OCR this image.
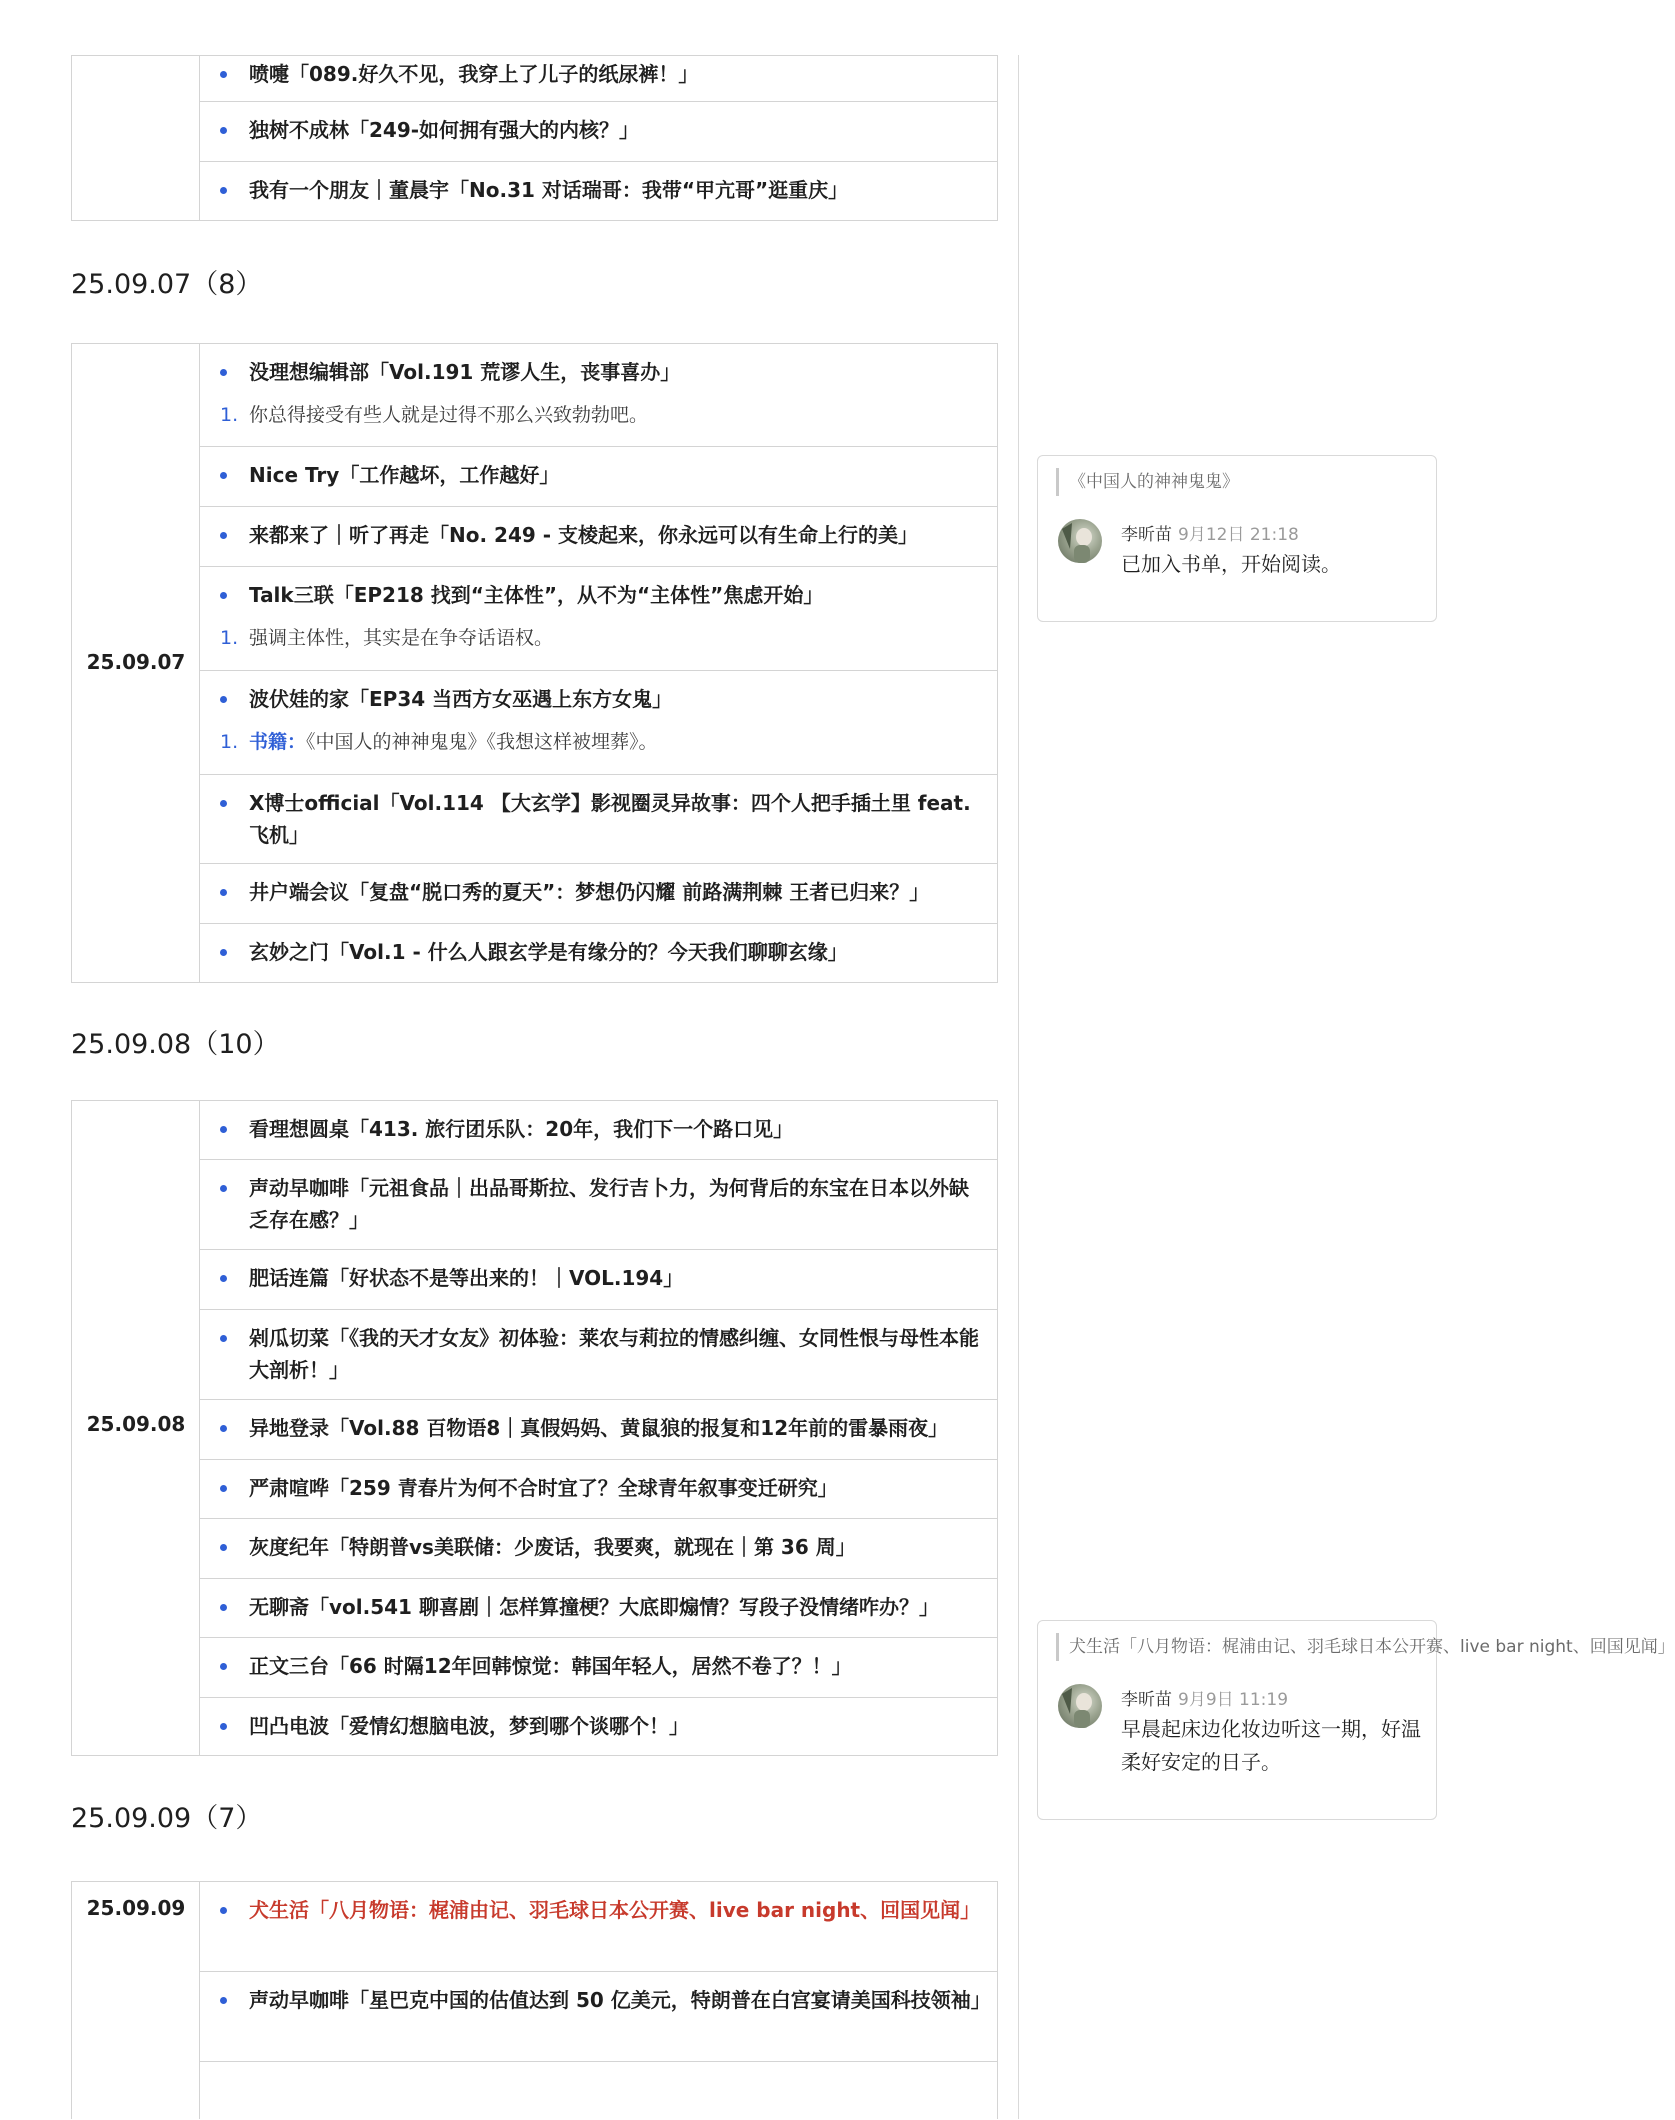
喷嚏「089.好久不见，我穿上了儿子的纸尿裤！」
独树不成林「249-如何拥有强大的内核？」
我有一个朋友｜董晨宇「No.31 对话瑞哥：我带“甲亢哥”逛重庆」
25.09.07（8）
25.09.07
没理想编辑部「Vol.191 荒谬人生，丧事喜办」
1. 你总得接受有些人就是过得不那么兴致勃勃吧。
Nice Try「工作越坏，工作越好」
来都来了｜听了再走「No. 249 - 支棱起来，你永远可以有生命上行的美」
Talk三联「EP218 找到“主体性”，从不为“主体性”焦虑开始」
1. 强调主体性，其实是在争夺话语权。
波伏娃的家「EP34 当西方女巫遇上东方女鬼」
1. 书籍：《中国人的神神鬼鬼》《我想这样被埋葬》。
X博士official「Vol.114 【大玄学】影视圈灵异故事：四个人把手插土里 feat.飞机」
井户端会议「复盘“脱口秀的夏天”：梦想仍闪耀 前路满荆棘 王者已归来？」
玄妙之门「Vol.1 - 什么人跟玄学是有缘分的？今天我们聊聊玄缘」
25.09.08（10）
25.09.08
看理想圆桌「413. 旅行团乐队：20年，我们下一个路口见」
声动早咖啡「元祖食品｜出品哥斯拉、发行吉卜力，为何背后的东宝在日本以外缺乏存在感？」
肥话连篇「好状态不是等出来的！｜VOL.194」
剁瓜切菜「《我的天才女友》初体验：莱农与莉拉的情感纠缠、女同性恨与母性本能大剖析！」
异地登录「Vol.88 百物语8｜真假妈妈、黄鼠狼的报复和12年前的雷暴雨夜」
严肃喧哗「259 青春片为何不合时宜了？全球青年叙事变迁研究」
灰度纪年「特朗普vs美联储：少废话，我要爽，就现在｜第 36 周」
无聊斋「vol.541 聊喜剧｜怎样算撞梗？大底即煽情？写段子没情绪咋办？」
正文三台「66 时隔12年回韩惊觉：韩国年轻人，居然不卷了？！」
凹凸电波「爱情幻想脑电波，梦到哪个谈哪个！」
25.09.09（7）
25.09.09	犬生活「八月物语：梶浦由记、羽毛球日本公开赛、live bar night、回国见闻」
声动早咖啡「星巴克中国的估值达到 50 亿美元，特朗普在白宫宴请美国科技领袖」
《中国人的神神鬼鬼》
李昕苗 9月12日 21:18
已加入书单，开始阅读。
犬生活「八月物语：梶浦由记、羽毛球日本公开赛、live bar night、回国见闻」
李昕苗 9月9日 11:19
早晨起床边化妆边听这一期，好温柔好安定的日子。
